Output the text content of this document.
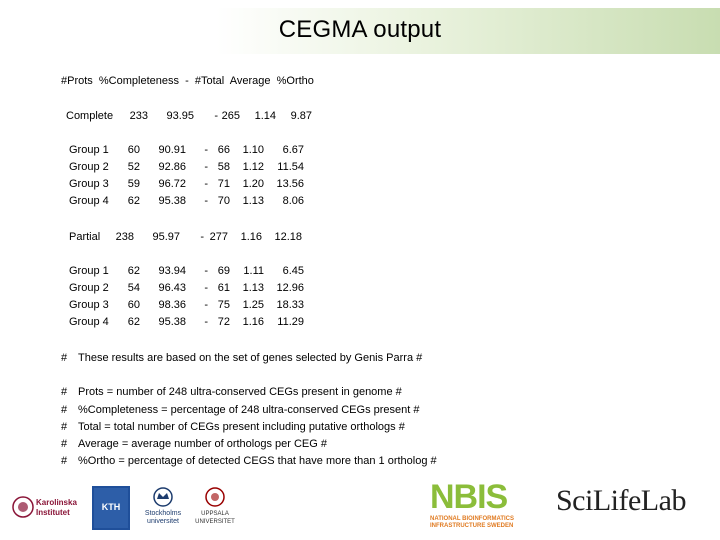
CEGMA output
#Prots  %Completeness  -  #Total  Average  %Ortho
Complete	233	93.95	- 265	1.14	9.87
Group 1	60	90.91	- 66	1.10	6.67
Group 2	52	92.86	- 58	1.12	11.54
Group 3	59	96.72	- 71	1.20	13.56
Group 4	62	95.38	- 70	1.13	8.06
Partial	238	95.97	- 277	1.16	12.18
Group 1	62	93.94	- 69	1.11	6.45
Group 2	54	96.43	- 61	1.13	12.96
Group 3	60	98.36	- 75	1.25	18.33
Group 4	62	95.38	- 72	1.16	11.29
# These results are based on the set of genes selected by Genis Parra #
# Prots = number of 248 ultra-conserved CEGs present in genome #
# %Completeness = percentage of 248 ultra-conserved CEGs present #
# Total = total number of CEGs present including putative orthologs #
# Average = average number of orthologs per CEG #
# %Ortho = percentage of detected CEGS that have more than 1 ortholog #
Karolinska
Institutet
KTH
Stockholms
universitet
UPPSALA
UNIVERSITET
NBIS
NATIONAL BIOINFORMATICS
INFRASTRUCTURE SWEDEN
SciLifeLab
